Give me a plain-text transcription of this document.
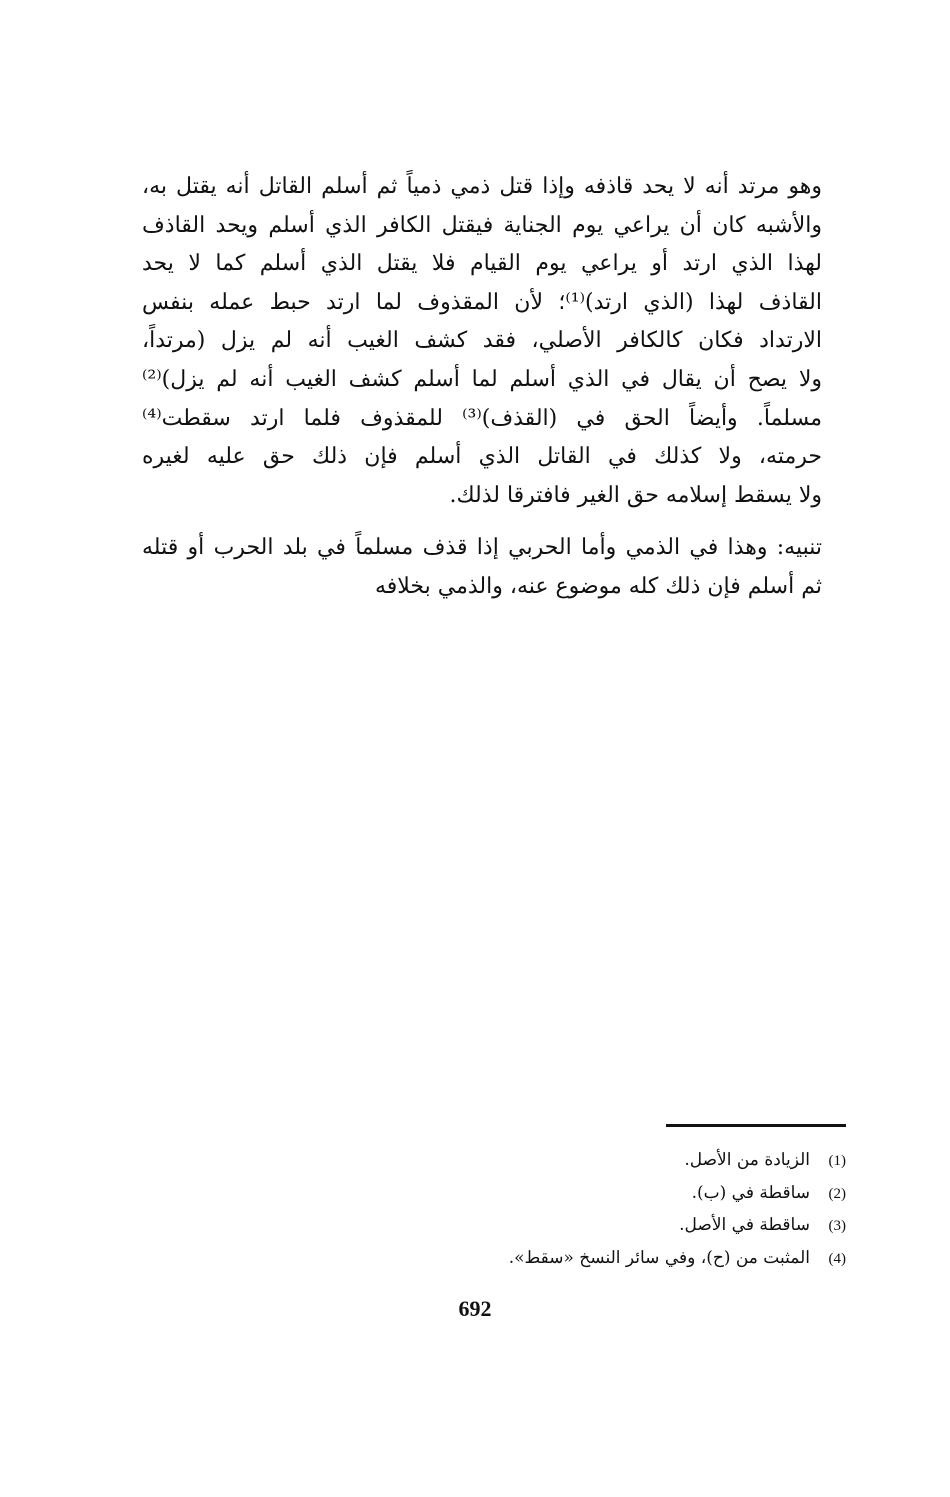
وهو مرتد أنه لا يحد قاذفه وإذا قتل ذمي ذمياً ثم أسلم القاتل أنه يقتل به،
والأشبه كان أن يراعي يوم الجناية فيقتل الكافر الذي أسلم ويحد القاذف
لهذا الذي ارتد أو يراعي يوم القيام فلا يقتل الذي أسلم كما لا يحد
القاذف لهذا (الذي ارتد)⁽¹⁾؛ لأن المقذوف لما ارتد حبط عمله بنفس
الارتداد فكان كالكافر الأصلي، فقد كشف الغيب أنه لم يزل (مرتداً،
ولا يصح أن يقال في الذي أسلم لما أسلم كشف الغيب أنه لم يزل)⁽²⁾
مسلماً. وأيضاً الحق في (القذف)⁽³⁾ للمقذوف فلما ارتد سقطت⁽⁴⁾
حرمته، ولا كذلك في القاتل الذي أسلم فإن ذلك حق عليه لغيره
ولا يسقط إسلامه حق الغير فافترقا لذلك.

تنبيه: وهذا في الذمي وأما الحربي إذا قذف مسلماً في بلد الحرب أو قتله
ثم أسلم فإن ذلك كله موضوع عنه، والذمي بخلافه

(1)الزيادة من الأصل.
(2)ساقطة في (ب).
(3)ساقطة في الأصل.
(4)المثبت من (ح)، وفي سائر النسخ «سقط».
692
